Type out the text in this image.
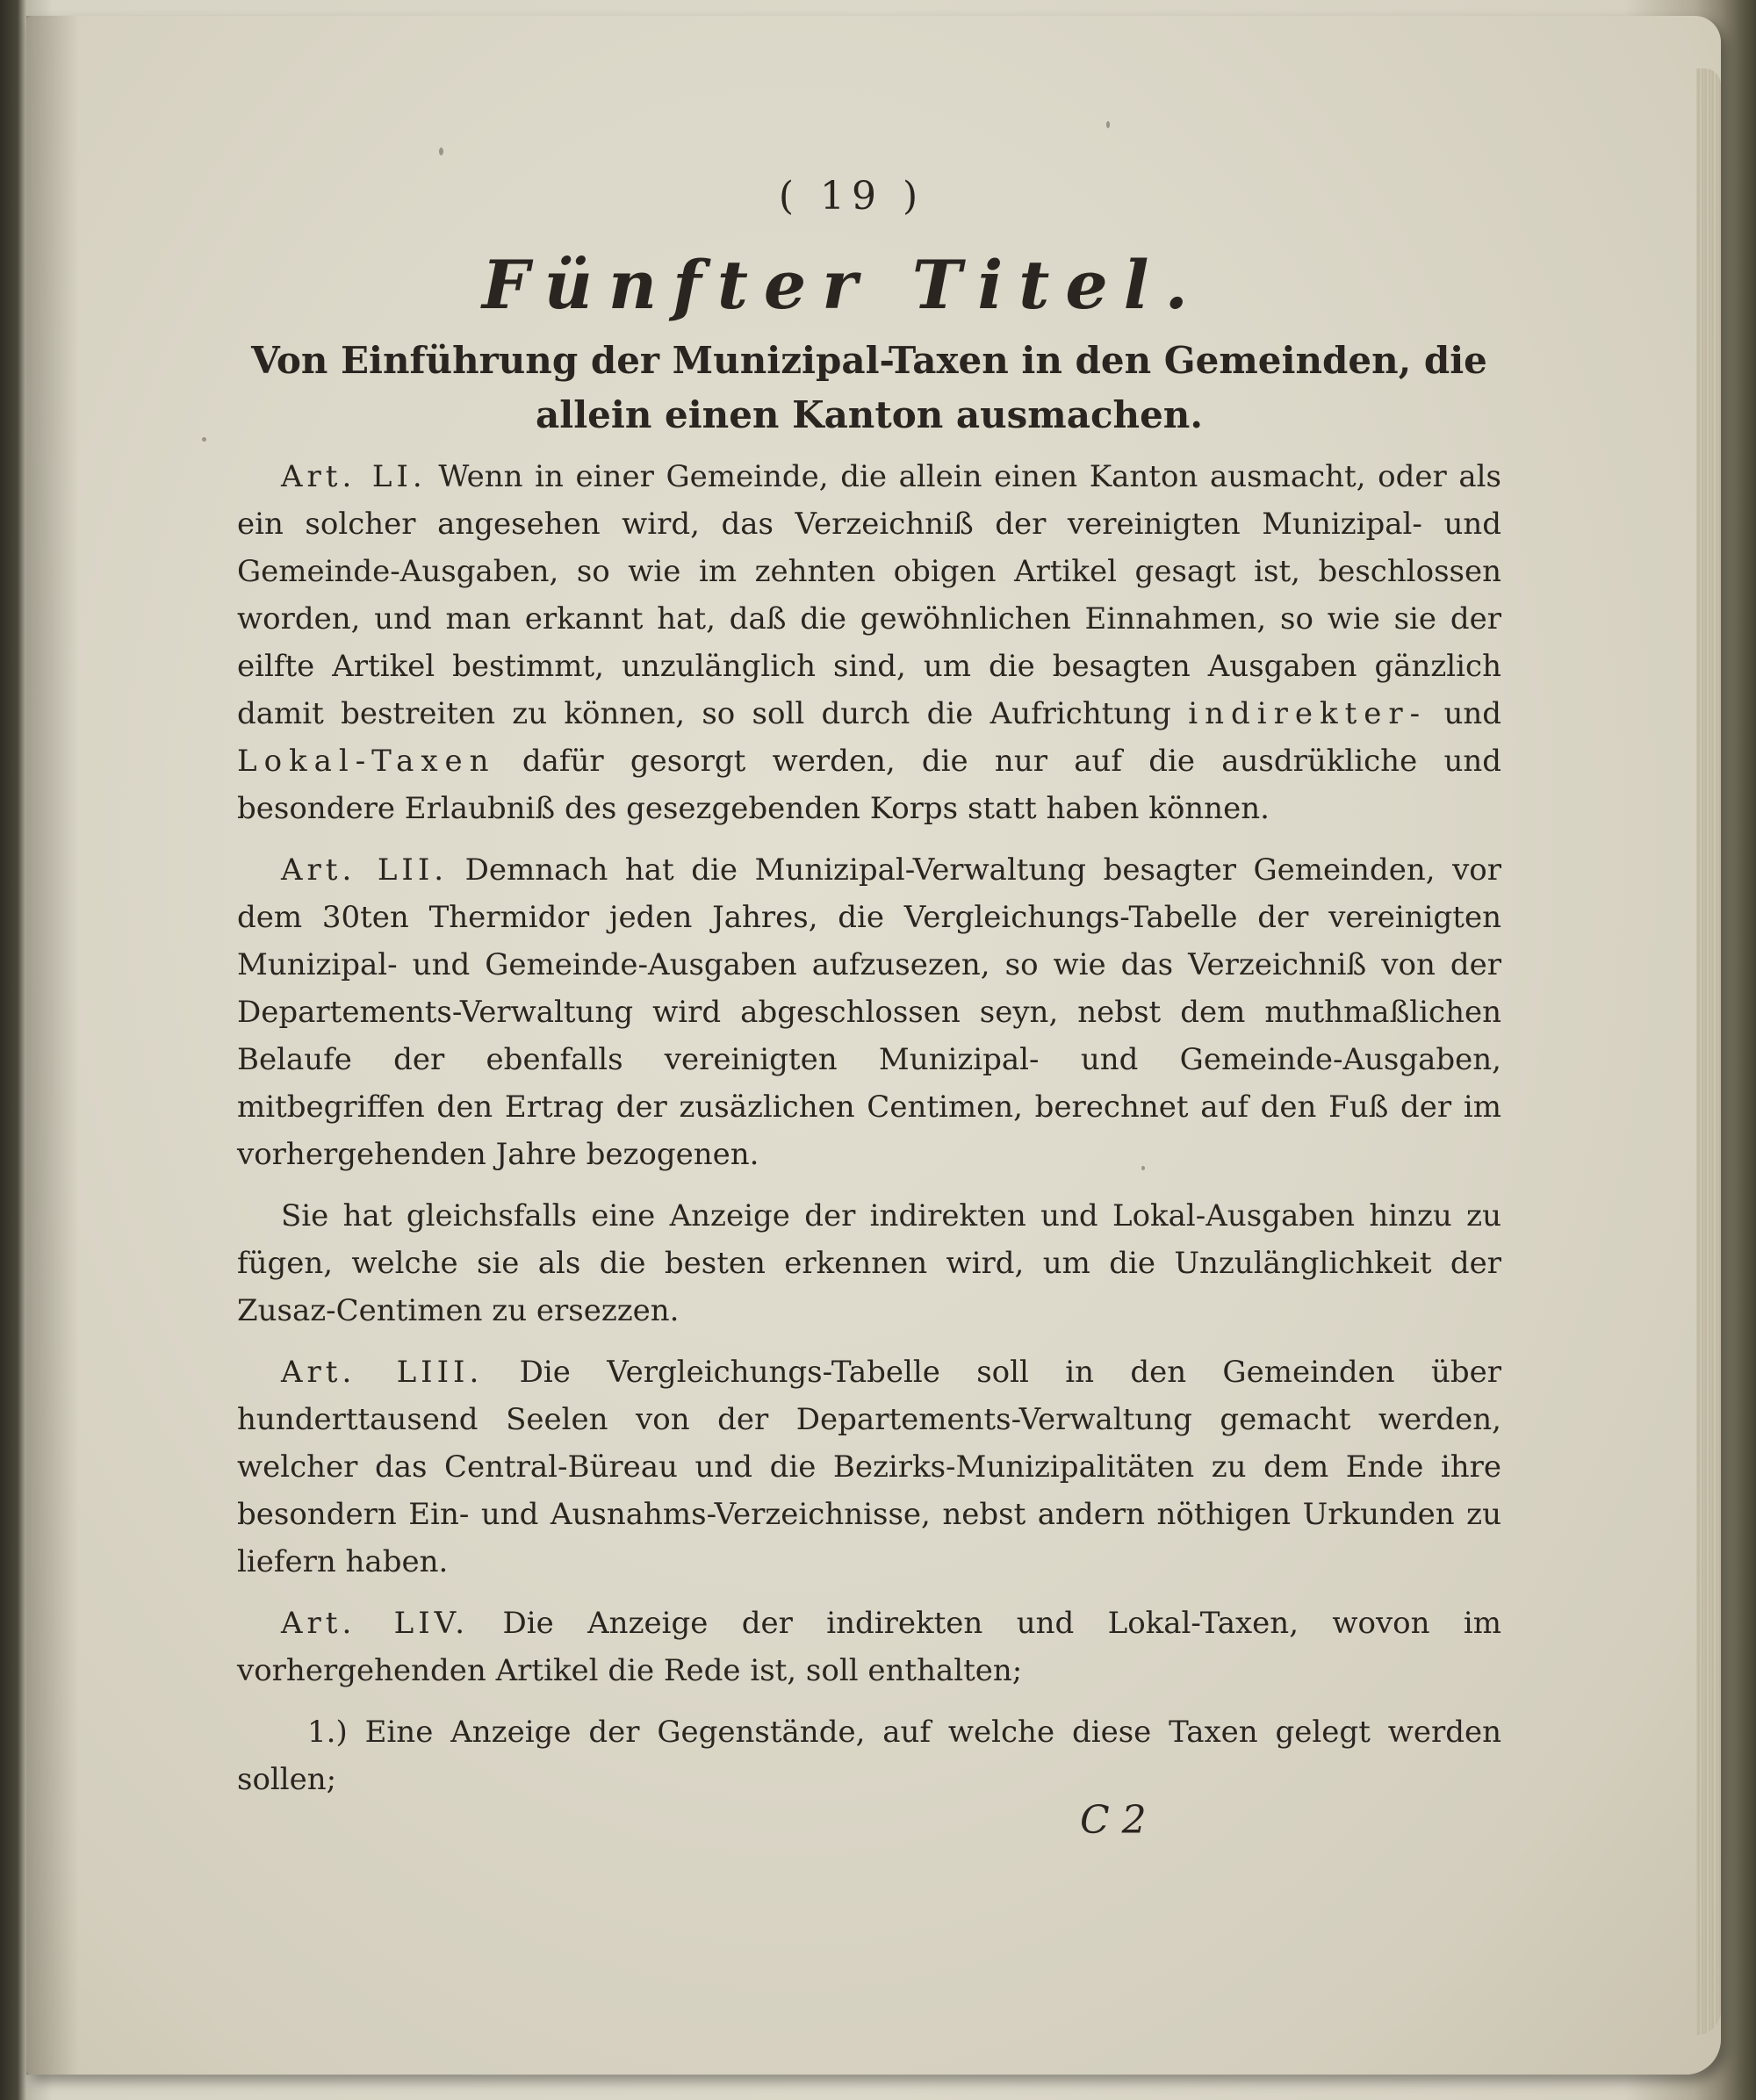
( 19 )
Fünfter Titel.
Von Einführung der Munizipal-Taxen in den Gemeinden, die allein einen Kanton ausmachen.

Art. LI. Wenn in einer Gemeinde, die allein einen Kanton ausmacht, oder als ein solcher angesehen wird, das Verzeichniß der vereinigten Munizipal- und Gemeinde-Ausgaben, so wie im zehnten obigen Artikel gesagt ist, beschlossen worden, und man erkannt hat, daß die gewöhnlichen Einnahmen, so wie sie der eilfte Artikel bestimmt, unzulänglich sind, um die besagten Ausgaben gänzlich damit bestreiten zu können, so soll durch die Aufrichtung indirekter- und Lokal-Taxen dafür gesorgt werden, die nur auf die ausdrükliche und besondere Erlaubniß des gesezgebenden Korps statt haben können.

Art. LII. Demnach hat die Munizipal-Verwaltung besagter Gemeinden, vor dem 30ten Thermidor jeden Jahres, die Vergleichungs-Tabelle der vereinigten Munizipal- und Gemeinde-Ausgaben aufzusezen, so wie das Verzeichniß von der Departements-Verwaltung wird abgeschlossen seyn, nebst dem muthmaßlichen Belaufe der ebenfalls vereinigten Munizipal- und Gemeinde-Ausgaben, mitbegriffen den Ertrag der zusäzlichen Centimen, berechnet auf den Fuß der im vorhergehenden Jahre bezogenen.

Sie hat gleichsfalls eine Anzeige der indirekten und Lokal-Ausgaben hinzu zu fügen, welche sie als die besten erkennen wird, um die Unzulänglichkeit der Zusaz-Centimen zu ersezzen.

Art. LIII. Die Vergleichungs-Tabelle soll in den Gemeinden über hunderttausend Seelen von der Departements-Verwaltung gemacht werden, welcher das Central-Büreau und die Bezirks-Munizipalitäten zu dem Ende ihre besondern Ein- und Ausnahms-Verzeichnisse, nebst andern nöthigen Urkunden zu liefern haben.

Art. LIV. Die Anzeige der indirekten und Lokal-Taxen, wovon im vorhergehenden Artikel die Rede ist, soll enthalten;

1.) Eine Anzeige der Gegenstände, auf welche diese Taxen gelegt werden sollen;

C 2
